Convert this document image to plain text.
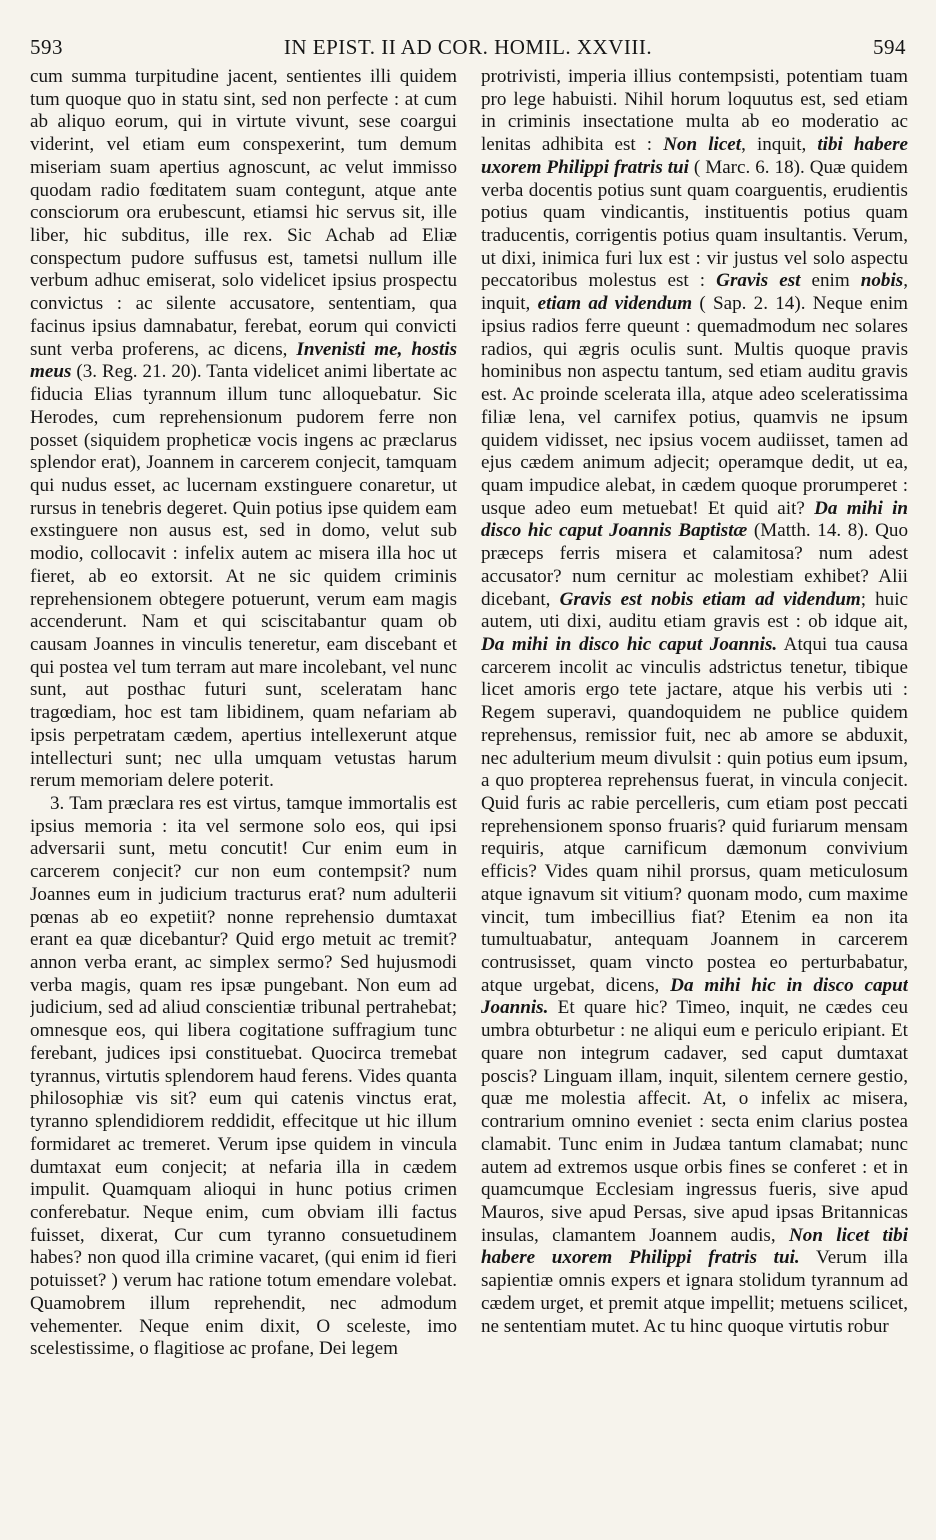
593	IN EPIST. II AD COR. HOMIL. XXVIII.	594

cum summa turpitudine jacent, sentientes illi quidem tum quoque quo in statu sint, sed non perfecte : at cum ab aliquo eorum, qui in virtute vivunt, sese coargui viderint, vel etiam eum conspexerint, tum demum miseriam suam apertius agnoscunt, ac velut immisso quodam radio fœditatem suam contegunt, atque ante consciorum ora erubescunt, etiamsi hic servus sit, ille liber, hic subditus, ille rex. Sic Achab ad Eliæ conspectum pudore suffusus est, tametsi nullum ille verbum adhuc emiserat, solo videlicet ipsius prospectu convictus : ac silente accusatore, sententiam, qua facinus ipsius damnabatur, ferebat, eorum qui convicti sunt verba proferens, ac dicens, Invenisti me, hostis meus (3. Reg. 21. 20). Tanta videlicet animi libertate ac fiducia Elias tyrannum illum tunc alloquebatur. Sic Herodes, cum reprehensionum pudorem ferre non posset (siquidem propheticæ vocis ingens ac præclarus splendor erat), Joannem in carcerem conjecit, tamquam qui nudus esset, ac lucernam exstinguere conaretur, ut rursus in tenebris degeret. Quin potius ipse quidem eam exstinguere non ausus est, sed in domo, velut sub modio, collocavit : infelix autem ac misera illa hoc ut fieret, ab eo extorsit. At ne sic quidem criminis reprehensionem obtegere potuerunt, verum eam magis accenderunt. Nam et qui sciscitabantur quam ob causam Joannes in vinculis teneretur, eam discebant et qui postea vel tum terram aut mare incolebant, vel nunc sunt, aut posthac futuri sunt, sceleratam hanc tragœdiam, hoc est tam libidinem, quam nefariam ab ipsis perpetratam cædem, apertius intellexerunt atque intellecturi sunt; nec ulla umquam vetustas harum rerum memoriam delere poterit.

3. Tam præclara res est virtus, tamque immortalis est ipsius memoria : ita vel sermone solo eos, qui ipsi adversarii sunt, metu concutit! Cur enim eum in carcerem conjecit? cur non eum contempsit? num Joannes eum in judicium tracturus erat? num adulterii pœnas ab eo expetiit? nonne reprehensio dumtaxat erant ea quæ dicebantur? Quid ergo metuit ac tremit? annon verba erant, ac simplex sermo? Sed hujusmodi verba magis, quam res ipsæ pungebant. Non eum ad judicium, sed ad aliud conscientiæ tribunal pertrahebat; omnesque eos, qui libera cogitatione suffragium tunc ferebant, judices ipsi constituebat. Quocirca tremebat tyrannus, virtutis splendorem haud ferens. Vides quanta philosophiæ vis sit? eum qui catenis vinctus erat, tyranno splendidiorem reddidit, effecitque ut hic illum formidaret ac tremeret. Verum ipse quidem in vincula dumtaxat eum conjecit; at nefaria illa in cædem impulit. Quamquam alioqui in hunc potius crimen conferebatur. Neque enim, cum obviam illi factus fuisset, dixerat, Cur cum tyranno consuetudinem habes? non quod illa crimine vacaret, (qui enim id fieri potuisset? ) verum hac ratione totum emendare volebat. Quamobrem illum reprehendit, nec admodum vehementer. Neque enim dixit, O sceleste, imo scelestissime, o flagitiose ac profane, Dei legem

protrivisti, imperia illius contempsisti, potentiam tuam pro lege habuisti. Nihil horum loquutus est, sed etiam in criminis insectatione multa ab eo moderatio ac lenitas adhibita est : Non licet, inquit, tibi habere uxorem Philippi fratris tui ( Marc. 6. 18). Quæ quidem verba docentis potius sunt quam coarguentis, erudientis potius quam vindicantis, instituentis potius quam traducentis, corrigentis potius quam insultantis. Verum, ut dixi, inimica furi lux est : vir justus vel solo aspectu peccatoribus molestus est : Gravis est enim nobis, inquit, etiam ad videndum ( Sap. 2. 14). Neque enim ipsius radios ferre queunt : quemadmodum nec solares radios, qui ægris oculis sunt. Multis quoque pravis hominibus non aspectu tantum, sed etiam auditu gravis est. Ac proinde scelerata illa, atque adeo sceleratissima filiæ lena, vel carnifex potius, quamvis ne ipsum quidem vidisset, nec ipsius vocem audiisset, tamen ad ejus cædem animum adjecit; operamque dedit, ut ea, quam impudice alebat, in cædem quoque prorumperet : usque adeo eum metuebat! Et quid ait? Da mihi in disco hic caput Joannis Baptistæ (Matth. 14. 8). Quo præceps ferris misera et calamitosa? num adest accusator? num cernitur ac molestiam exhibet? Alii dicebant, Gravis est nobis etiam ad videndum; huic autem, uti dixi, auditu etiam gravis est : ob idque ait, Da mihi in disco hic caput Joannis. Atqui tua causa carcerem incolit ac vinculis adstrictus tenetur, tibique licet amoris ergo tete jactare, atque his verbis uti : Regem superavi, quandoquidem ne publice quidem reprehensus, remissior fuit, nec ab amore se abduxit, nec adulterium meum divulsit : quin potius eum ipsum, a quo propterea reprehensus fuerat, in vincula conjecit. Quid furis ac rabie percelleris, cum etiam post peccati reprehensionem sponso fruaris? quid furiarum mensam requiris, atque carnificum dæmonum convivium efficis? Vides quam nihil prorsus, quam meticulosum atque ignavum sit vitium? quonam modo, cum maxime vincit, tum imbecillius fiat? Etenim ea non ita tumultuabatur, antequam Joannem in carcerem contrusisset, quam vincto postea eo perturbabatur, atque urgebat, dicens, Da mihi hic in disco caput Joannis. Et quare hic? Timeo, inquit, ne cædes ceu umbra obturbetur : ne aliqui eum e periculo eripiant. Et quare non integrum cadaver, sed caput dumtaxat poscis? Linguam illam, inquit, silentem cernere gestio, quæ me molestia affecit. At, o infelix ac misera, contrarium omnino eveniet : secta enim clarius postea clamabit. Tunc enim in Judæa tantum clamabat; nunc autem ad extremos usque orbis fines se conferet : et in quamcumque Ecclesiam ingressus fueris, sive apud Mauros, sive apud Persas, sive apud ipsas Britannicas insulas, clamantem Joannem audis, Non licet tibi habere uxorem Philippi fratris tui. Verum illa sapientiæ omnis expers et ignara stolidum tyrannum ad cædem urget, et premit atque impellit; metuens scilicet, ne sententiam mutet. Ac tu hinc quoque virtutis robur
